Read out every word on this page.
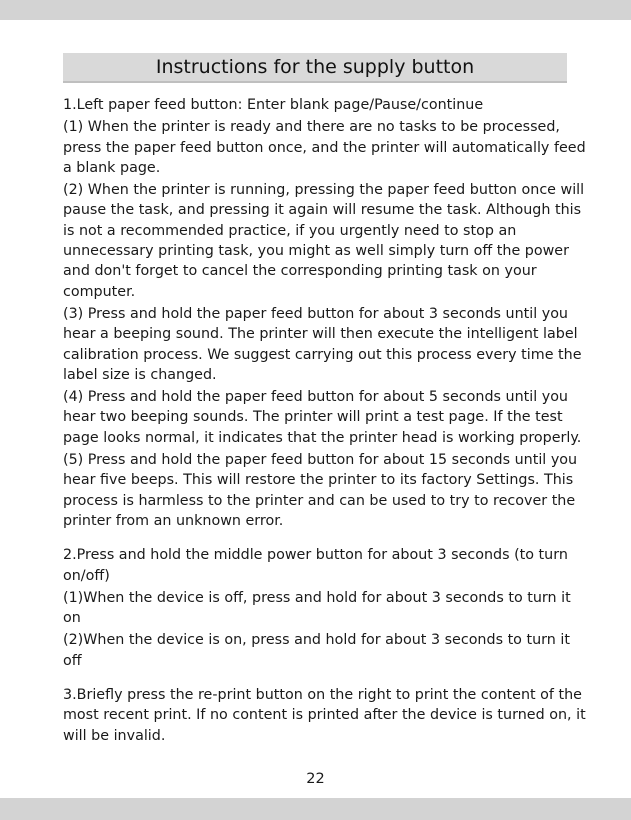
Instructions for the supply button

1.Left paper feed button: Enter blank page/Pause/continue

(1) When the printer is ready and there are no tasks to be processed, press the paper feed button once, and the printer will automatically feed a blank page.

(2) When the printer is running, pressing the paper feed button once will pause the task, and pressing it again will resume the task. Although this is not a recommended practice, if you urgently need to stop an unnecessary printing task, you might as well simply turn off the power and don't forget to cancel the corresponding printing task on your computer.

(3) Press and hold the paper feed button for about 3 seconds until you hear a beeping sound. The printer will then execute the intelligent label calibration process. We suggest carrying out this process every time the label size is changed.

(4) Press and hold the paper feed button for about 5 seconds until you hear two beeping sounds. The printer will print a test page. If the test page looks normal, it indicates that the printer head is working properly.

(5) Press and hold the paper feed button for about 15 seconds until you hear five beeps. This will restore the printer to its factory Settings. This process is harmless to the printer and can be used to try to recover the printer from an unknown error.

2.Press and hold the middle power button for about 3 seconds (to turn on/off)

(1)When the device is off, press and hold for about 3 seconds to turn it on

(2)When the device is on, press and hold for about 3 seconds to turn it off

3.Briefly press the re-print button on the right to print the content of the most recent print. If no content is printed after the device is turned on, it will be invalid.

22
